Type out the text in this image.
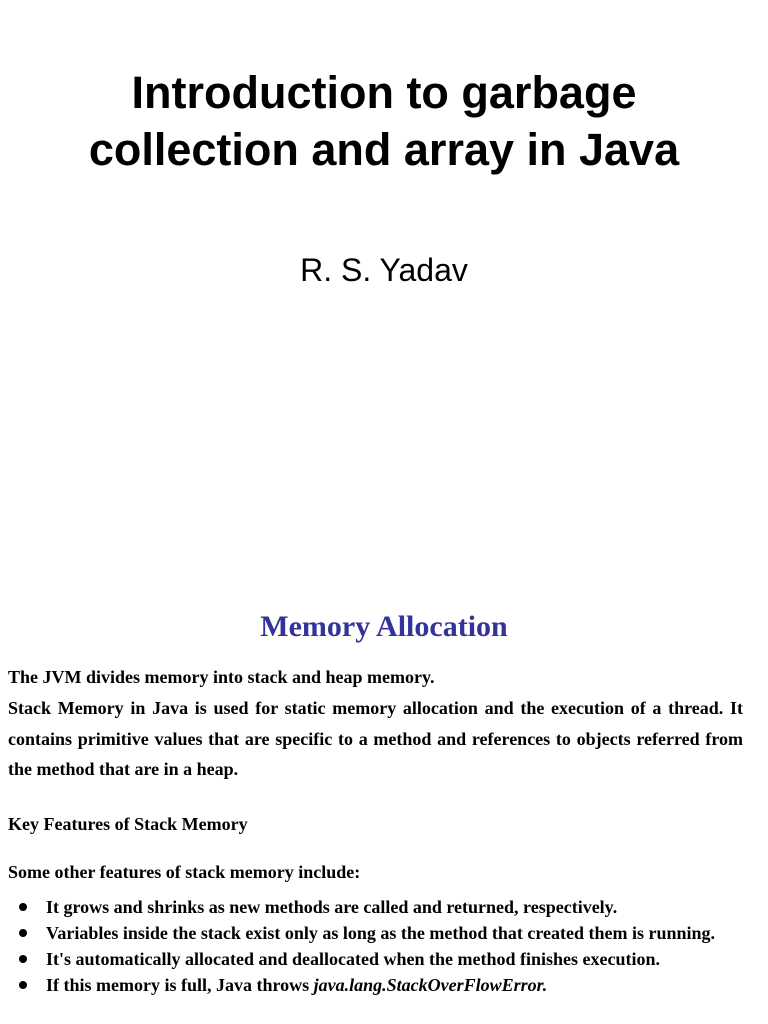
Introduction to garbage
collection and array in Java
R. S. Yadav
Memory Allocation

The JVM divides memory into stack and heap memory.

Stack Memory in Java is used for static memory allocation and the execution of a thread. It contains primitive values that are specific to a method and references to objects referred from the method that are in a heap.

Key Features of Stack Memory

Some other features of stack memory include:

It grows and shrinks as new methods are called and returned, respectively.
Variables inside the stack exist only as long as the method that created them is running.
It's automatically allocated and deallocated when the method finishes execution.
If this memory is full, Java throws java.lang.StackOverFlowError.
